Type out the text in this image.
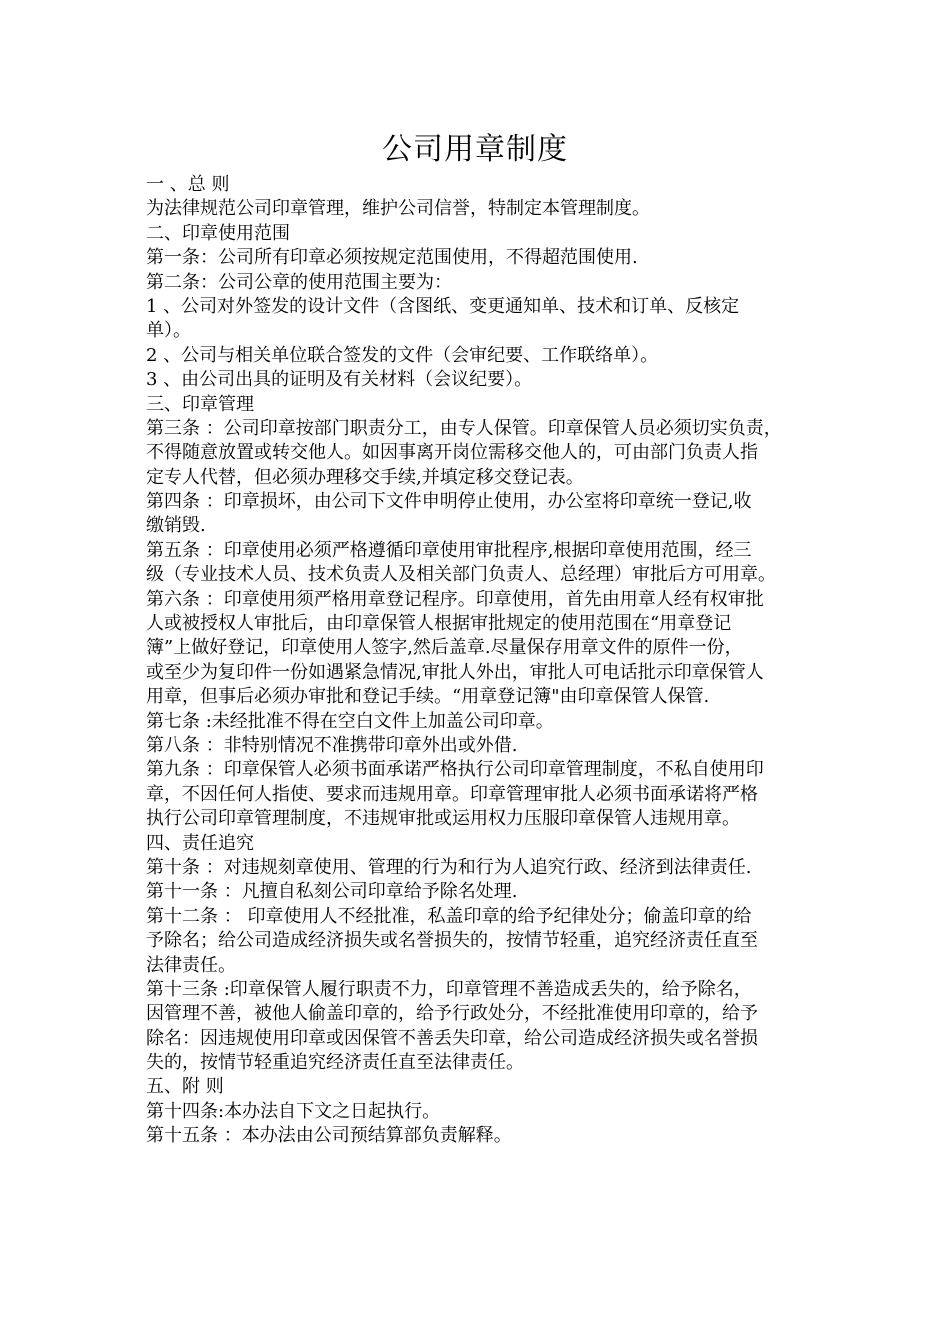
公司用章制度
一 、总 则
为法律规范公司印章管理，维护公司信誉，特制定本管理制度。
二、印章使用范围
第一条：公司所有印章必须按规定范围使用，不得超范围使用.
第二条：公司公章的使用范围主要为：
1 、公司对外签发的设计文件（含图纸、变更通知单、技术和订单、反核定
单）。
2 、公司与相关单位联合签发的文件（会审纪要、工作联络单）。
3 、由公司出具的证明及有关材料（会议纪要）。
三、印章管理
第三条 ：公司印章按部门职责分工，由专人保管。印章保管人员必须切实负责，
不得随意放置或转交他人。如因事离开岗位需移交他人的，可由部门负责人指
定专人代替，但必须办理移交手续,并填定移交登记表。
第四条 ：印章损坏，由公司下文件申明停止使用，办公室将印章统一登记,收
缴销毁.
第五条 ：印章使用必须严格遵循印章使用审批程序,根据印章使用范围，经三
级（专业技术人员、技术负责人及相关部门负责人、总经理）审批后方可用章。
第六条 ：印章使用须严格用章登记程序。印章使用，首先由用章人经有权审批
人或被授权人审批后，由印章保管人根据审批规定的使用范围在“用章登记
簿”上做好登记，印章使用人签字,然后盖章.尽量保存用章文件的原件一份，
或至少为复印件一份如遇紧急情况,审批人外出，审批人可电话批示印章保管人
用章，但事后必须办审批和登记手续。“用章登记簿"由印章保管人保管.
第七条 :未经批准不得在空白文件上加盖公司印章。
第八条 ：非特别情况不准携带印章外出或外借.
第九条 ：印章保管人必须书面承诺严格执行公司印章管理制度，不私自使用印
章，不因任何人指使、要求而违规用章。印章管理审批人必须书面承诺将严格
执行公司印章管理制度，不违规审批或运用权力压服印章保管人违规用章。
四、责任追究
第十条 ：对违规刻章使用、管理的行为和行为人追究行政、经济到法律责任.
第十一条 ：凡擅自私刻公司印章给予除名处理.
第十二条 ： 印章使用人不经批准，私盖印章的给予纪律处分；偷盖印章的给
予除名；给公司造成经济损失或名誉损失的，按情节轻重，追究经济责任直至
法律责任。
第十三条 :印章保管人履行职责不力，印章管理不善造成丢失的，给予除名，
因管理不善，被他人偷盖印章的，给予行政处分，不经批准使用印章的，给予
除名：因违规使用印章或因保管不善丢失印章，给公司造成经济损失或名誉损
失的，按情节轻重追究经济责任直至法律责任。
五、附 则
第十四条:本办法自下文之日起执行。
第十五条 ：本办法由公司预结算部负责解释。
